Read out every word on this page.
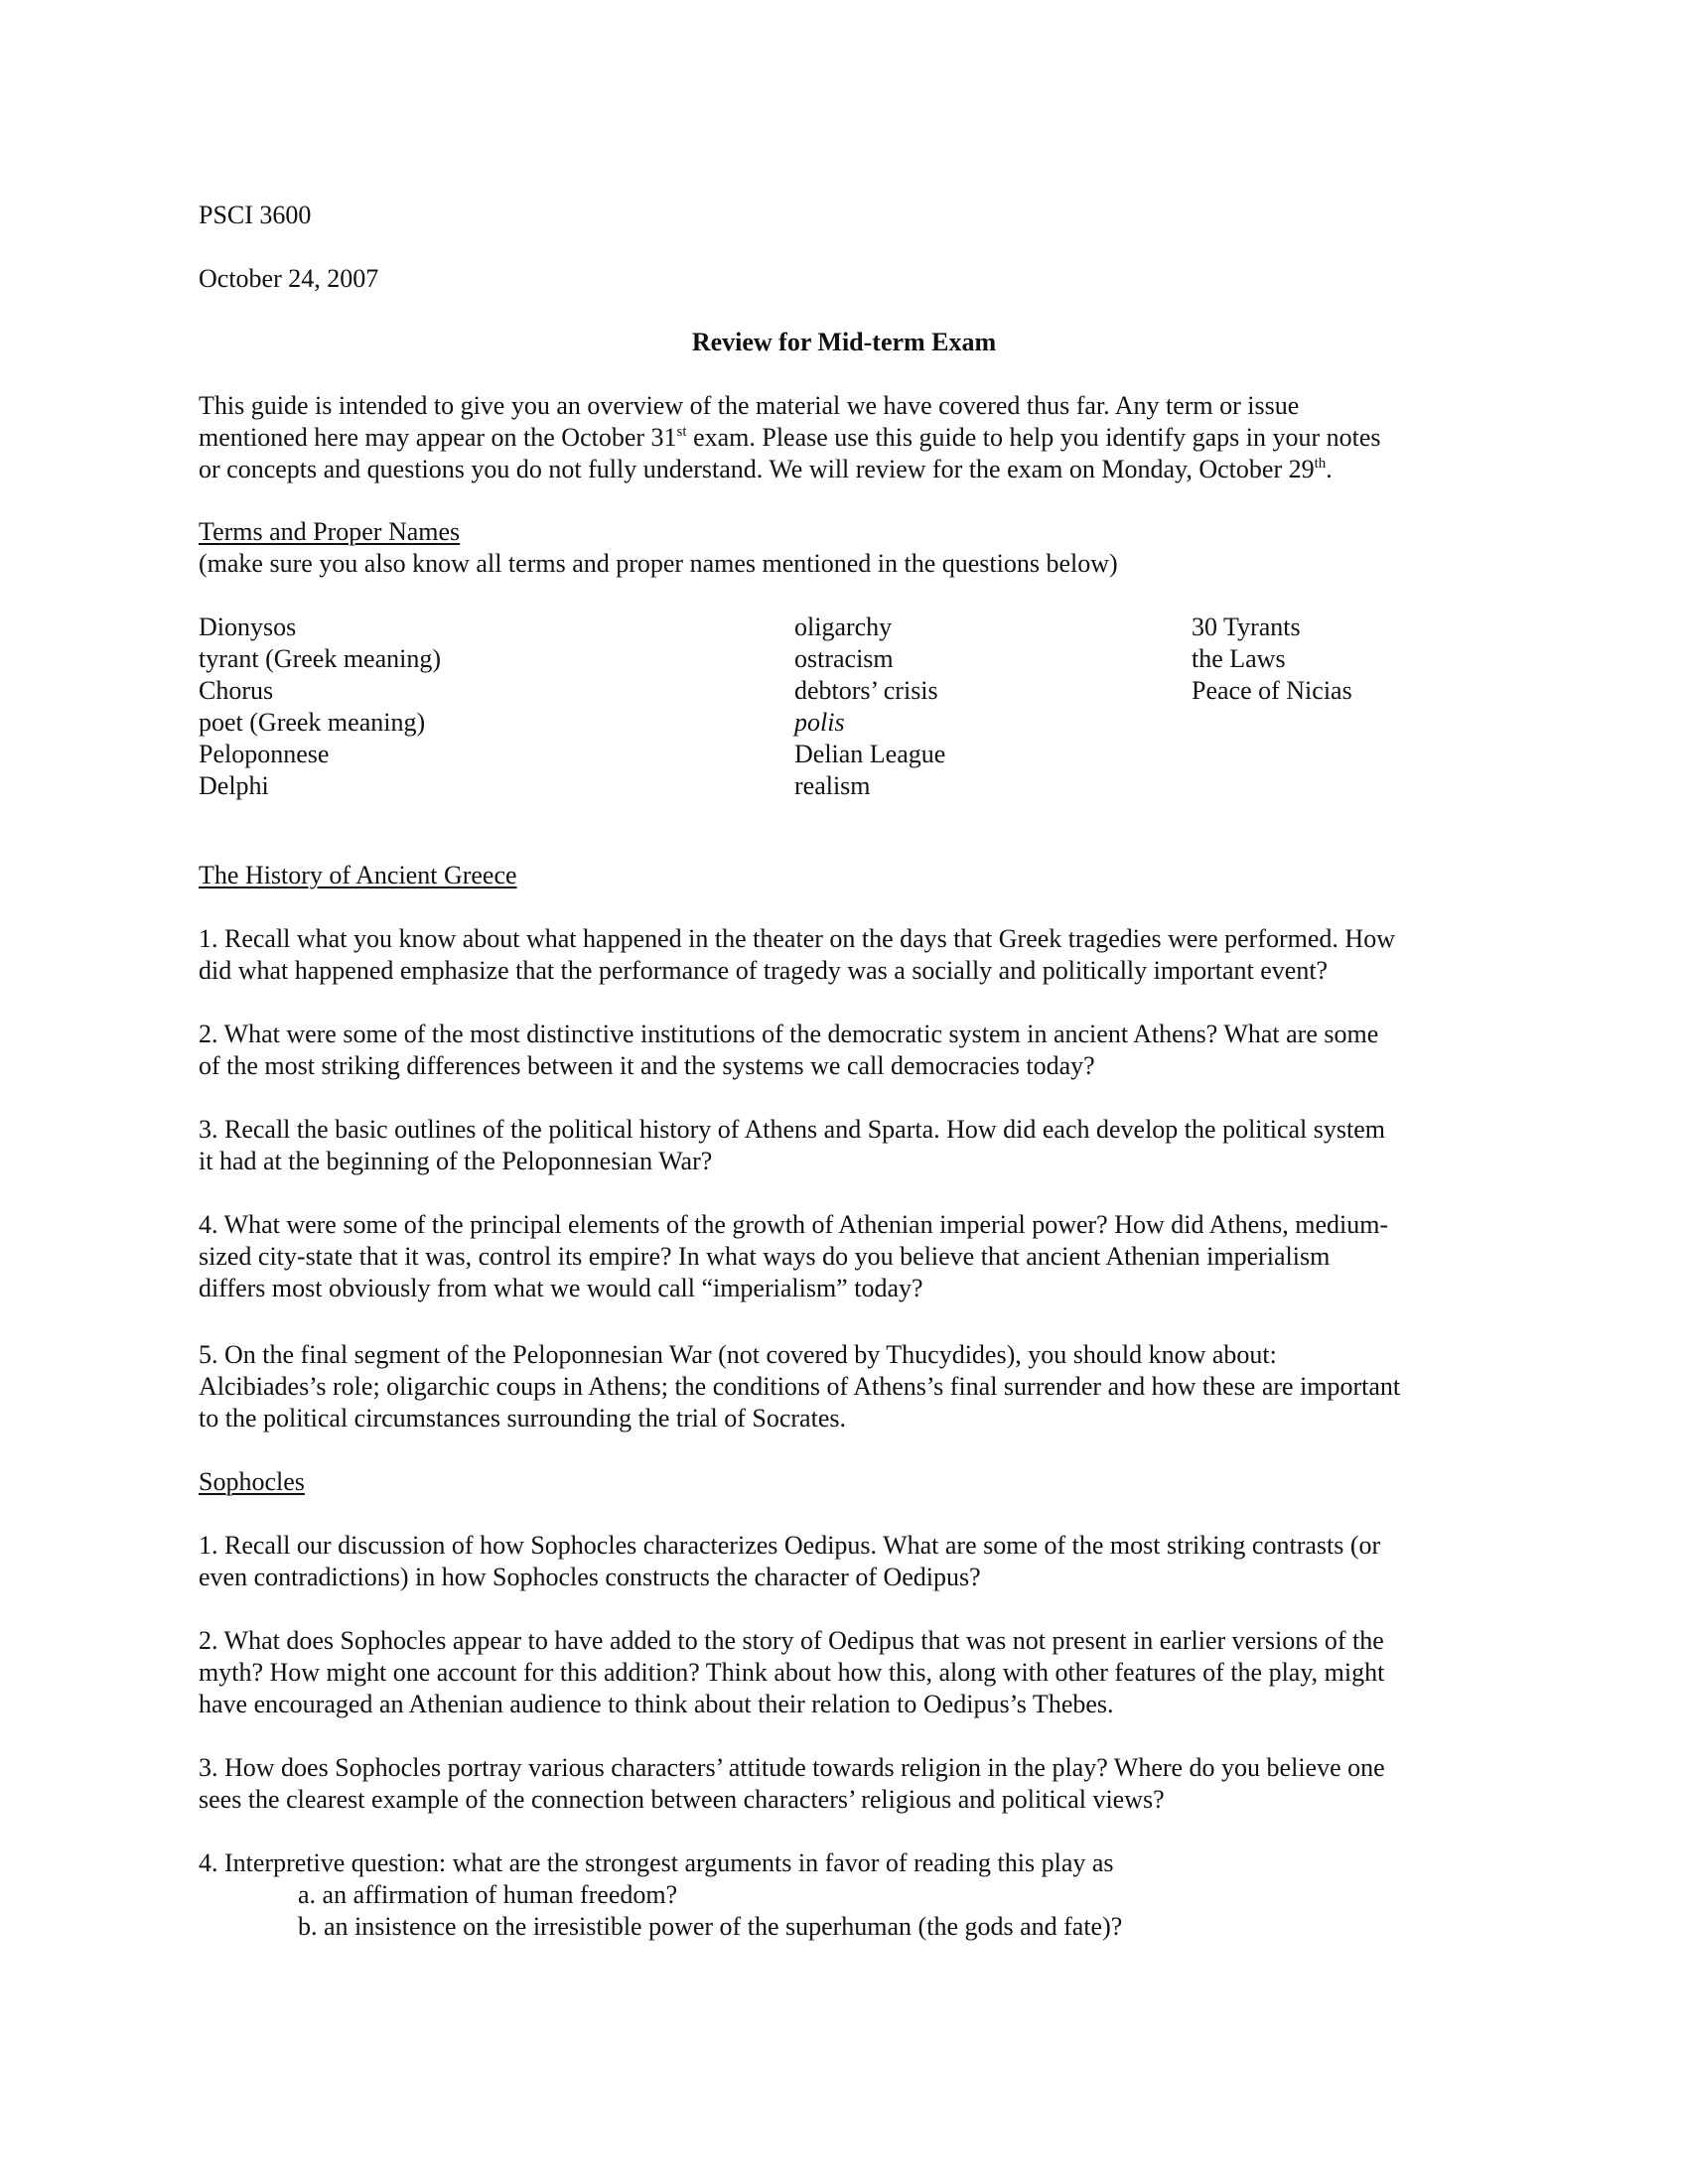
PSCI 3600
October 24, 2007
Review for Mid-term Exam
This guide is intended to give you an overview of the material we have covered thus far. Any term or issue
mentioned here may appear on the October 31st exam. Please use this guide to help you identify gaps in your notes
or concepts and questions you do not fully understand. We will review for the exam on Monday, October 29th.
Terms and Proper Names
(make sure you also know all terms and proper names mentioned in the questions below)
Dionysos
tyrant (Greek meaning)
Chorus
poet (Greek meaning)
Peloponnese
Delphi
oligarchy
ostracism
debtors’ crisis
polis
Delian League
realism
30 Tyrants
the Laws
Peace of Nicias
The History of Ancient Greece
1. Recall what you know about what happened in the theater on the days that Greek tragedies were performed. How
did what happened emphasize that the performance of tragedy was a socially and politically important event?
2. What were some of the most distinctive institutions of the democratic system in ancient Athens? What are some
of the most striking differences between it and the systems we call democracies today?
3. Recall the basic outlines of the political history of Athens and Sparta. How did each develop the political system
it had at the beginning of the Peloponnesian War?
4. What were some of the principal elements of the growth of Athenian imperial power? How did Athens, medium-
sized city-state that it was, control its empire? In what ways do you believe that ancient Athenian imperialism
differs most obviously from what we would call “imperialism” today?
5. On the final segment of the Peloponnesian War (not covered by Thucydides), you should know about:
Alcibiades’s role; oligarchic coups in Athens; the conditions of Athens’s final surrender and how these are important
to the political circumstances surrounding the trial of Socrates.
Sophocles
1. Recall our discussion of how Sophocles characterizes Oedipus. What are some of the most striking contrasts (or
even contradictions) in how Sophocles constructs the character of Oedipus?
2. What does Sophocles appear to have added to the story of Oedipus that was not present in earlier versions of the
myth? How might one account for this addition? Think about how this, along with other features of the play, might
have encouraged an Athenian audience to think about their relation to Oedipus’s Thebes.
3. How does Sophocles portray various characters’ attitude towards religion in the play? Where do you believe one
sees the clearest example of the connection between characters’ religious and political views?
4. Interpretive question: what are the strongest arguments in favor of reading this play as
a. an affirmation of human freedom?
b. an insistence on the irresistible power of the superhuman (the gods and fate)?
